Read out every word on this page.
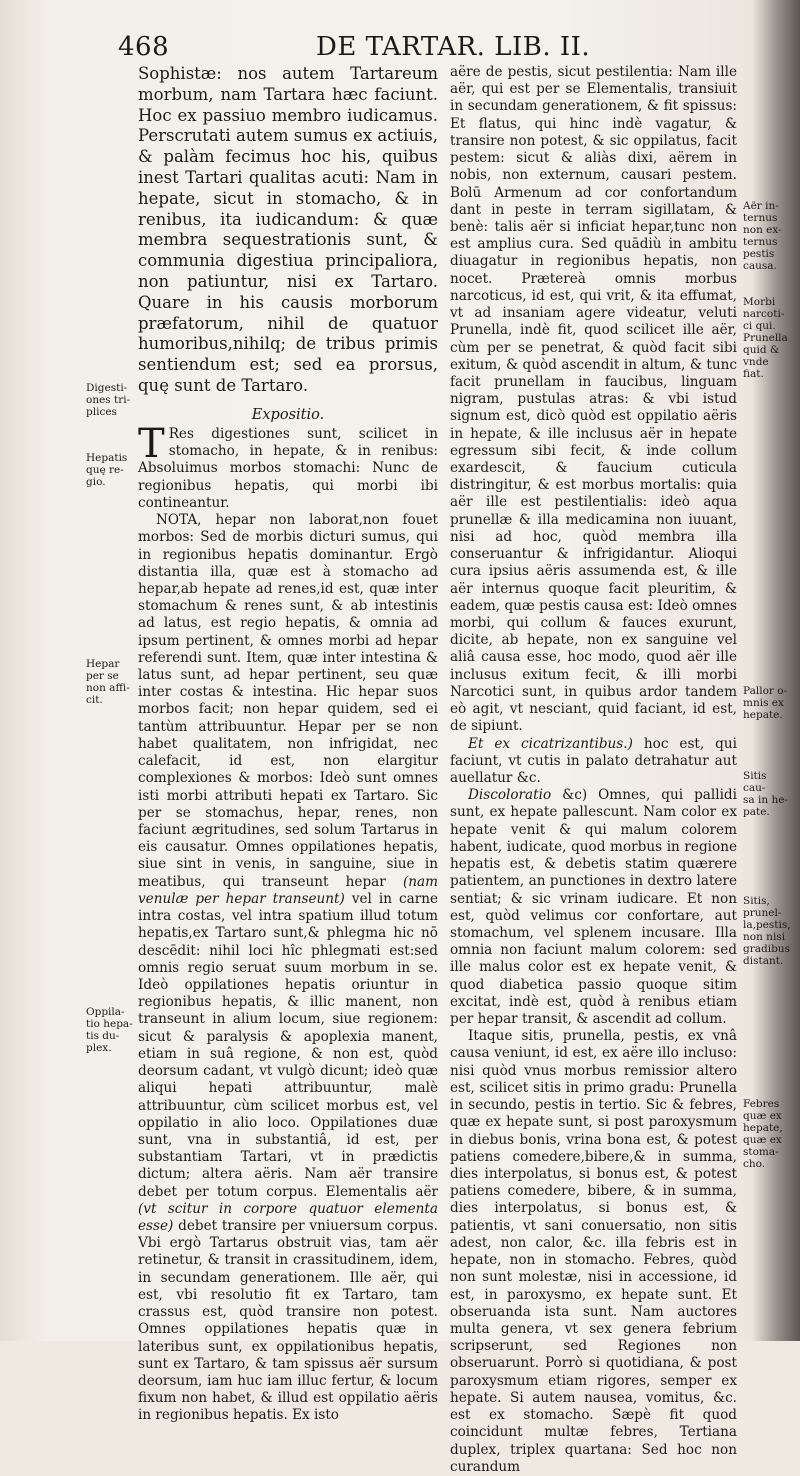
468	DE TARTAR. LIB. II.

Sophistæ: nos autem Tartareum morbum, nam Tartara hæc faciunt. Hoc ex passiuo membro iudicamus. Perscrutati autem sumus ex actiuis, & palàm fecimus hoc his, quibus inest Tartari qualitas acuti: Nam in hepate, sicut in stomacho, & in renibus, ita iudicandum: & quæ membra sequestrationis sunt, & communia digestiua principaliora, non patiuntur, nisi ex Tartaro. Quare in his causis morborum præfatorum, nihil de quatuor humoribus,nihilq; de tribus primis sentiendum est; sed ea prorsus, quę sunt de Tartaro.

Expositio.

T Res digestiones sunt, scilicet in stomacho, in hepate, & in renibus: Absoluimus morbos stomachi: Nunc de regionibus hepatis, qui morbi ibi contineantur.

NOTA, hepar non laborat,non fouet morbos: Sed de morbis dicturi sumus, qui in regionibus hepatis dominantur. Ergò distantia illa, quæ est à stomacho ad hepar,ab hepate ad renes,id est, quæ inter stomachum & renes sunt, & ab intestinis ad latus, est regio hepatis, & omnia ad ipsum pertinent, & omnes morbi ad hepar referendi sunt. Item, quæ inter intestina & latus sunt, ad hepar pertinent, seu quæ inter costas & intestina. Hic hepar suos morbos facit; non hepar quidem, sed ei tantùm attribuuntur. Hepar per se non habet qualitatem, non infrigidat, nec calefacit, id est, non elargitur complexiones & morbos: Ideò sunt omnes isti morbi attributi hepati ex Tartaro. Sic per se stomachus, hepar, renes, non faciunt ægritudines, sed solum Tartarus in eis causatur. Omnes oppilationes hepatis, siue sint in venis, in sanguine, siue in meatibus, qui transeunt hepar (nam venulæ per hepar transeunt) vel in carne intra costas, vel intra spatium illud totum hepatis,ex Tartaro sunt,& phlegma hic nō descēdit: nihil loci hîc phlegmati est:sed omnis regio seruat suum morbum in se. Ideò oppilationes hepatis oriuntur in regionibus hepatis, & illic manent, non transeunt in alium locum, siue regionem: sicut & paralysis & apoplexia manent, etiam in suâ regione, & non est, quòd deorsum cadant, vt vulgò dicunt; ideò quæ aliqui hepati attribuuntur, malè attribuuntur, cùm scilicet morbus est, vel oppilatio in alio loco. Oppilationes duæ sunt, vna in substantiâ, id est, per substantiam Tartari, vt in prædictis dictum; altera aëris. Nam aër transire debet per totum corpus. Elementalis aër (vt scitur in corpore quatuor elementa esse) debet transire per vniuersum corpus. Vbi ergò Tartarus obstruit vias, tam aër retinetur, & transit in crassitudinem, idem, in secundam generationem. Ille aër, qui est, vbi resolutio fit ex Tartaro, tam crassus est, quòd transire non potest. Omnes oppilationes hepatis quæ in lateribus sunt, ex oppilationibus hepatis, sunt ex Tartaro, & tam spissus aër sursum deorsum, iam huc iam illuc fertur, & locum fixum non habet, & illud est oppilatio aëris in regionibus hepatis. Ex isto

aëre de pestis, sicut pestilentia: Nam ille aër, qui est per se Elementalis, transiuit in secundam generationem, & fit spissus: Et flatus, qui hinc indè vagatur, & transire non potest, & sic oppilatus, facit pestem: sicut & aliàs dixi, aërem in nobis, non externum, causari pestem. Bolū Armenum ad cor confortandum dant in peste in terram sigillatam, & benè: talis aër si inficiat hepar,tunc non est amplius cura. Sed quādiù in ambitu diuagatur in regionibus hepatis, non nocet. Prætereà omnis morbus narcoticus, id est, qui vrit, & ita effumat, vt ad insaniam agere videatur, veluti Prunella, indè fit, quod scilicet ille aër, cùm per se penetrat, & quòd facit sibi exitum, & quòd ascendit in altum, & tunc facit prunellam in faucibus, linguam nigram, pustulas atras: & vbi istud signum est, dicò quòd est oppilatio aëris in hepate, & ille inclusus aër in hepate egressum sibi fecit, & inde collum exardescit, & faucium cuticula distringitur, & est morbus mortalis: quia aër ille est pestilentialis: ideò aqua prunellæ & illa medicamina non iuuant, nisi ad hoc, quòd membra illa conseruantur & infrigidantur. Alioqui cura ipsius aëris assumenda est, & ille aër internus quoque facit pleuritim, & eadem, quæ pestis causa est: Ideò omnes morbi, qui collum & fauces exurunt, dicite, ab hepate, non ex sanguine vel aliâ causa esse, hoc modo, quod aër ille inclusus exitum fecit, & illi morbi Narcotici sunt, in quibus ardor tandem eò agit, vt nesciant, quid faciant, id est, de sipiunt.

Et ex cicatrizantibus.) hoc est, qui faciunt, vt cutis in palato detrahatur aut auellatur &c.

Discoloratio &c) Omnes, qui pallidi sunt, ex hepate pallescunt. Nam color ex hepate venit & qui malum colorem habent, iudicate, quod morbus in regione hepatis est, & debetis statim quærere patientem, an punctiones in dextro latere sentiat; & sic vrinam iudicare. Et non est, quòd velimus cor confortare, aut stomachum, vel splenem incusare. Illa omnia non faciunt malum colorem: sed ille malus color est ex hepate venit, & quod diabetica passio quoque sitim excitat, indè est, quòd à renibus etiam per hepar transit, & ascendit ad collum.

Itaque sitis, prunella, pestis, ex vnâ causa veniunt, id est, ex aëre illo incluso: nisi quòd vnus morbus remissior altero est, scilicet sitis in primo gradu: Prunella in secundo, pestis in tertio. Sic & febres, quæ ex hepate sunt, si post paroxysmum in diebus bonis, vrina bona est, & potest patiens comedere,bibere,& in summa, dies interpolatus, si bonus est, & potest patiens comedere, bibere, & in summa, dies interpolatus, si bonus est, & patientis, vt sani conuersatio, non sitis adest, non calor, &c. illa febris est in hepate, non in stomacho. Febres, quòd non sunt molestæ, nisi in accessione, id est, in paroxysmo, ex hepate sunt. Et obseruanda ista sunt. Nam auctores multa genera, vt sex genera febrium scripserunt, sed Regiones non obseruarunt. Porrò si quotidiana, & post paroxysmum etiam rigores, semper ex hepate. Si autem nausea, vomitus, &c. est ex stomacho. Sæpè fit quod coincidunt multæ febres, Tertiana duplex, triplex quartana: Sed hoc non curandum

Digesti-
ones tri-
plices
Hepatis
quę re-
gio.
Hepar
per se
non affi-
cit.
Oppila-
tio hepa-
tis du-
plex.
Aër in-
ternus
non ex-
ternus
pestis
causa.
Morbi
narcoti-
ci qui.
Prunella
quid &
vnde
fiat.
Pallor o-
mnis ex
hepate.
Sitis cau-
sa in he-
pate.
Sitis,
prunel-
la,pestis,
non nisi
gradibus
distant.
Febres
quæ ex
hepate,
quæ ex
stoma-
cho.
